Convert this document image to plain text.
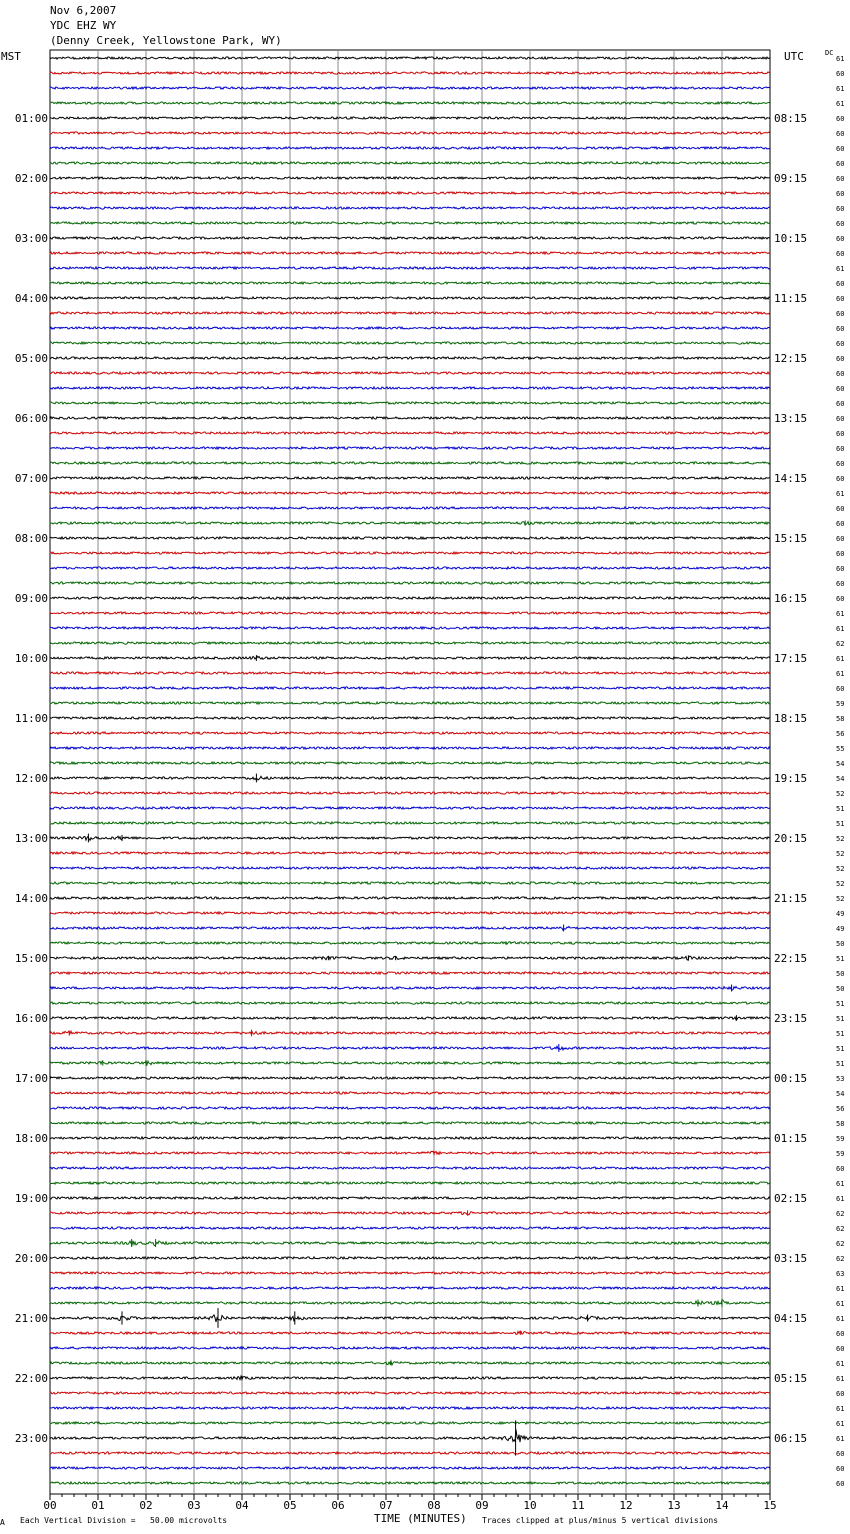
Nov 6,2007
YDC EHZ WY
(Denny Creek, Yellowstone Park, WY)
MST	UTC	DC
01:00
02:00
03:00
04:00
05:00
06:00
07:00
08:00
09:00
10:00
11:00
12:00
13:00
14:00
15:00
16:00
17:00
18:00
19:00
20:00
21:00
22:00
23:00
08:15
09:15
10:15
11:15
12:15
13:15
14:15
15:15
16:15
17:15
18:15
19:15
20:15
21:15
22:15
23:15
00:15
01:15
02:15
03:15
04:15
05:15
06:15
61
60
61
61
60
60
60
60
60
60
60
60
60
60
61
60
60
60
60
60
60
60
60
60
60
60
60
60
60
61
60
60
60
60
60
60
60
61
61
62
61
61
60
59
58
56
55
54
54
52
51
51
52
52
52
52
52
49
49
50
51
50
50
51
51
51
51
51
53
54
56
58
59
59
60
61
61
62
62
62
62
63
61
61
61
60
60
61
61
60
61
61
61
60
60
60
00	01	02	03	04	05	06	07	08	09	10	11	12	13	14	15
A Each Vertical Division =   50.00 microvolts	TIME (MINUTES) Traces clipped at plus/minus 5 vertical divisions
